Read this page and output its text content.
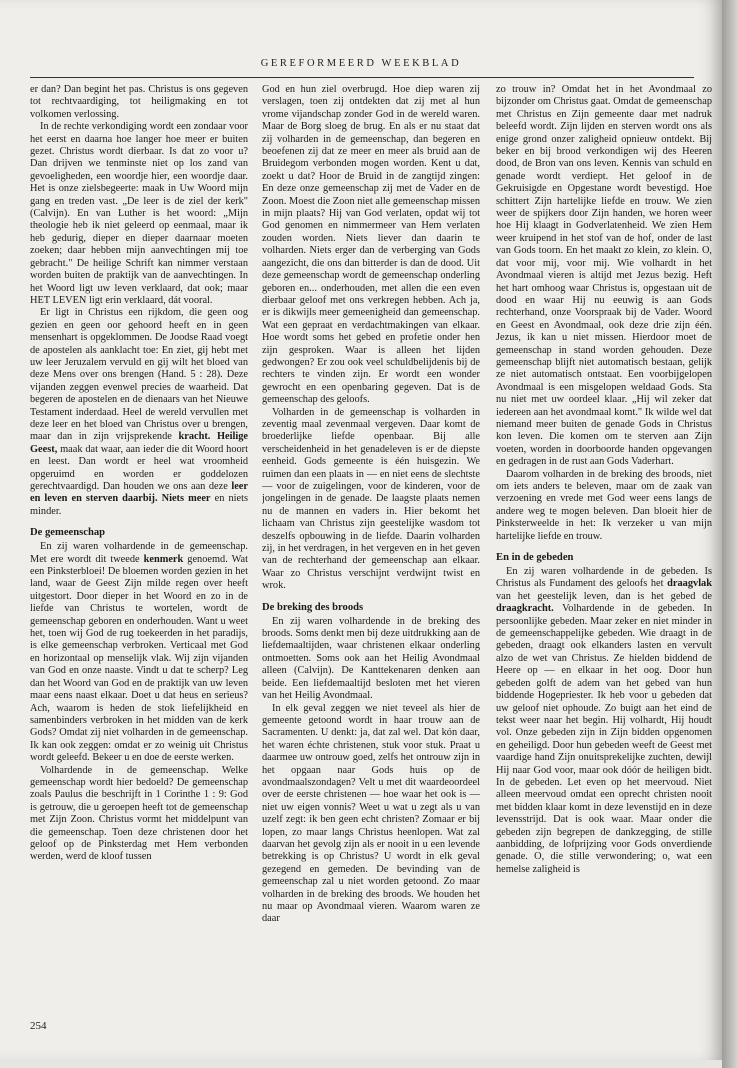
GEREFORMEERD WEEKBLAD

er dan? Dan begint het pas. Christus is ons gegeven tot rechtvaardiging, tot heiligmaking en tot volkomen verlossing.

In de rechte verkondiging wordt een zondaar voor het eerst en daarna hoe langer hoe meer er buiten gezet. Christus wordt dierbaar. Is dat zo voor u? Dan drijven we tenminste niet op los zand van gevoeligheden, een woordje hier, een woordje daar. Het is onze zielsbegeerte: maak in Uw Woord mijn gang en treden vast. „De leer is de ziel der kerk" (Calvijn). En van Luther is het woord: „Mijn theologie heb ik niet geleerd op eenmaal, maar ik heb gedurig, dieper en dieper daarnaar moeten zoeken; daar hebben mijn aanvechtingen mij toe gebracht." De heilige Schrift kan nimmer verstaan worden buiten de praktijk van de aanvechtingen. In het Woord ligt uw leven verklaard, dat ook; maar HET LEVEN ligt erin verklaard, dát vooral.

Er ligt in Christus een rijkdom, die geen oog gezien en geen oor gehoord heeft en in geen mensenhart is opgeklommen. De Joodse Raad voegt de apostelen als aanklacht toe: En ziet, gij hebt met uw leer Jeruzalem vervuld en gij wilt het bloed van deze Mens over ons brengen (Hand. 5 : 28). Deze vijanden zeggen evenwel precies de waarheid. Dat begeren de apostelen en de dienaars van het Nieuwe Testament inderdaad. Heel de wereld vervullen met deze leer en het bloed van Christus over u brengen, maar dan in zijn vrijsprekende kracht. Heilige Geest, maak dat waar, aan ieder die dit Woord hoort en leest. Dan wordt er heel wat vroomheid opgeruimd en worden er goddelozen gerechtvaardigd. Dan houden we ons aan deze leer en leven en sterven daarbij. Niets meer en niets minder.

De gemeenschap

En zij waren volhardende in de gemeenschap. Met ere wordt dit tweede kenmerk genoemd. Wat een Pinksterbloei! De bloemen worden gezien in het land, waar de Geest Zijn milde regen over heeft uitgestort. Door dieper in het Woord en zo in de liefde van Christus te wortelen, wordt de gemeenschap geboren en onderhouden. Want u weet het, toen wij God de rug toekeerden in het paradijs, is elke gemeenschap verbroken. Verticaal met God en horizontaal op menselijk vlak. Wij zijn vijanden van God en onze naaste. Vindt u dat te scherp? Leg dan het Woord van God en de praktijk van uw leven maar eens naast elkaar. Doet u dat heus en serieus? Ach, waarom is heden de stok liefelijkheid en samenbinders verbroken in het midden van de kerk Gods? Omdat zij niet volharden in de gemeenschap. Ik kan ook zeggen: omdat er zo weinig uit Christus wordt geleefd. Bekeer u en doe de eerste werken.

Volhardende in de gemeenschap. Welke gemeenschap wordt hier bedoeld? De gemeenschap zoals Paulus die beschrijft in 1 Corinthe 1 : 9: God is getrouw, die u geroepen heeft tot de gemeenschap met Zijn Zoon. Christus vormt het middelpunt van die gemeenschap. Toen deze christenen door het geloof op de Pinksterdag met Hem verbonden werden, werd de kloof tussen

God en hun ziel overbrugd. Hoe diep waren zij verslagen, toen zij ontdekten dat zij met al hun vrome vijandschap zonder God in de wereld waren. Maar de Borg sloeg de brug. En als er nu staat dat zij volharden in de gemeenschap, dan begeren en beoefenen zij dat ze meer en meer als bruid aan de Bruidegom verbonden mogen worden. Kent u dat, zoekt u dat? Hoor de Bruid in de zangtijd zingen: En deze onze gemeenschap zij met de Vader en de Zoon. Moest die Zoon niet alle gemeenschap missen in mijn plaats? Hij van God verlaten, opdat wij tot God genomen en nimmermeer van Hem verlaten zouden worden. Niets liever dan daarin te volharden. Niets erger dan de verberging van Gods aangezicht, die ons dan bitterder is dan de dood. Uit deze gemeenschap wordt de gemeenschap onderling geboren en... onderhouden, met allen die een even dierbaar geloof met ons verkregen hebben. Ach ja, er is dikwijls meer gemeenigheid dan gemeenschap. Wat een gepraat en verdachtmakingen van elkaar. Hoe wordt soms het gebed en profetie onder hen zijn gesproken. Waar is alleen het lijden gedwongen? Er zou ook veel schuldbelijdenis bij de rechters te vinden zijn. Er wordt een wonder gewrocht en een openbaring gegeven. Dat is de gemeenschap des geloofs.

Volharden in de gemeenschap is volharden in zeventig maal zevenmaal vergeven. Daar komt de broederlijke liefde openbaar. Bij alle verscheidenheid in het genadeleven is er de diepste eenheid. Gods gemeente is één huisgezin. We ruimen dan een plaats in — en niet eens de slechtste — voor de zuigelingen, voor de kinderen, voor de jongelingen in de genade. De laagste plaats nemen nu de mannen en vaders in. Hier bekomt het lichaam van Christus zijn geestelijke wasdom tot deszelfs opbouwing in de liefde. Daarin volharden zij, in het verdragen, in het vergeven en in het geven van de rechterhand der gemeenschap aan elkaar. Waar zo Christus verschijnt verdwijnt twist en wrok.

De breking des broods

En zij waren volhardende in de breking des broods. Soms denkt men bij deze uitdrukking aan de liefdemaaltijden, waar christenen elkaar onderling ontmoetten. Soms ook aan het Heilig Avondmaal alleen (Calvijn). De Kanttekenaren denken aan beide. Een liefdemaaltijd besloten met het vieren van het Heilig Avondmaal.

In elk geval zeggen we niet teveel als hier de gemeente getoond wordt in haar trouw aan de Sacramenten. U denkt: ja, dat zal wel. Dat kón daar, het waren échte christenen, stuk voor stuk. Praat u daarmee uw ontrouw goed, zelfs het ontrouw zijn in het opgaan naar Gods huis op de avondmaalszondagen? Velt u met dit waardeoordeel over de eerste christenen — hoe waar het ook is — niet uw eigen vonnis? Weet u wat u zegt als u van uzelf zegt: ik ben geen echt christen? Zomaar er bij lopen, zo maar langs Christus heenlopen. Wat zal daarvan het gevolg zijn als er nooit in u een levende betrekking is op Christus? U wordt in elk geval gezegend en gemeden. De bevinding van de gemeenschap zal u niet worden getoond. Zo maar volharden in de breking des broods. We houden het nu maar op Avondmaal vieren. Waarom waren ze daar

zo trouw in? Omdat het in het Avondmaal zo bijzonder om Christus gaat. Omdat de gemeenschap met Christus en Zijn gemeente daar met nadruk beleefd wordt. Zijn lijden en sterven wordt ons als enige grond onzer zaligheid opnieuw ontdekt. Bij beker en bij brood verkondigen wij des Heeren dood, de Bron van ons leven. Kennis van schuld en genade wordt verdiept. Het geloof in de Gekruisigde en Opgestane wordt bevestigd. Hoe schittert Zijn hartelijke liefde en trouw. We zien weer de spijkers door Zijn handen, we horen weer hoe Hij klaagt in Godverlatenheid. We zien Hem weer kruipend in het stof van de hof, onder de last van Gods toorn. En het maakt zo klein, zo klein. O, dat voor mij, voor mij. Wie volhardt in het Avondmaal vieren is altijd met Jezus bezig. Heft het hart omhoog waar Christus is, opgestaan uit de dood en waar Hij nu eeuwig is aan Gods rechterhand, onze Voorspraak bij de Vader. Woord en Geest en Avondmaal, ook deze drie zijn één. Jezus, ik kan u niet missen. Hierdoor moet de gemeenschap in stand worden gehouden. Deze gemeenschap blijft niet automatisch bestaan, gelijk ze niet automatisch ontstaat. Een voorbijgelopen Avondmaal is een misgelopen weldaad Gods. Sta nu niet met uw oordeel klaar. „Hij wil zeker dat iedereen aan het avondmaal komt." Ik wilde wel dat niemand meer buiten de genade Gods in Christus kon leven. Die komen om te sterven aan Zijn voeten, worden in doorboorde handen opgevangen en gedragen in de rust aan Gods Vaderhart.

Daarom volharden in de breking des broods, niet om iets anders te beleven, maar om de zaak van verzoening en vrede met God weer eens langs de andere weg te mogen beleven. Dan bloeit hier de Pinksterweelde in het: Ik verzeker u van mijn hartelijke liefde en trouw.

En in de gebeden

En zij waren volhardende in de gebeden. Is Christus als Fundament des geloofs het draagvlak van het geestelijk leven, dan is het gebed de draagkracht. Volhardende in de gebeden. In persoonlijke gebeden. Maar zeker en niet minder in de gemeenschappelijke gebeden. Wie draagt in de gebeden, draagt ook elkanders lasten en vervult alzo de wet van Christus. Ze hielden biddend de Heere op — en elkaar in het oog. Door hun gebeden golft de adem van het gebed van hun biddende Hogepriester. Ik heb voor u gebeden dat uw geloof niet ophoude. Zo buigt aan het eind de tekst weer naar het begin. Hij volhardt, Hij houdt vol. Onze gebeden zijn in Zijn bidden opgenomen en geheiligd. Door hun gebeden weeft de Geest met vaardige hand Zijn onuitsprekelijke zuchten, dewijl Hij naar God voor, maar ook dóór de heiligen bidt. In de gebeden. Let even op het meervoud. Niet alleen meervoud omdat een oprecht christen nooit met bidden klaar komt in deze levenstijd en in deze levensstrijd. Dat is ook waar. Maar onder die gebeden zijn begrepen de dankzegging, de stille aanbidding, de lofprijzing voor Gods onverdiende genade. O, die stille verwondering; o, wat een hemelse zaligheid is

254
